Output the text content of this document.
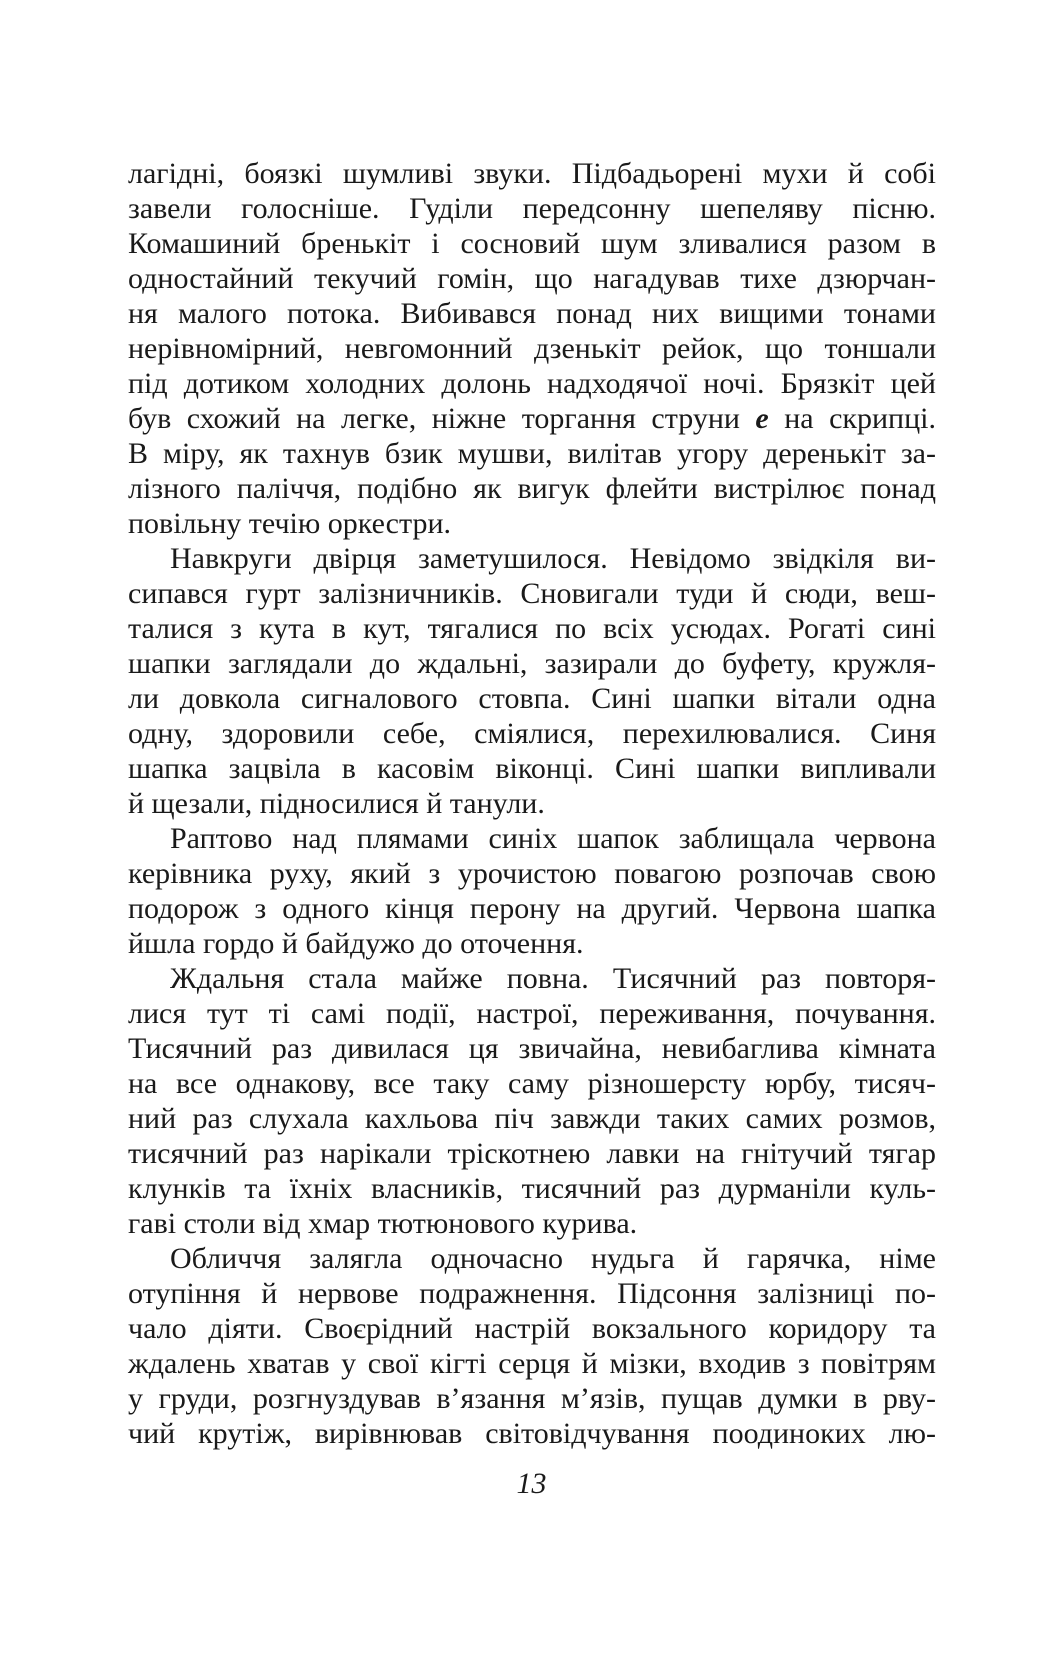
лагідні, боязкі шумливі звуки. Підбадьорені мухи й собі
завели голосніше. Гуділи передсонну шепеляву пісню.
Комашиний бренькіт і сосновий шум зливалися разом в
одностайний текучий гомін, що нагадував тихе дзюрчан-
ня малого потока. Вибивався понад них вищими тонами
нерівномірний, невгомонний дзенькіт рейок, що тоншали
під дотиком холодних долонь надходячої ночі. Брязкіт цей
був схожий на легке, ніжне торгання струни e на скрипці.
В міру, як тахнув бзик мушви, вилітав угору деренькіт за-
лізного паліччя, подібно як вигук флейти вистрілює понад
повільну течію оркестри.
Навкруги двірця заметушилося. Невідомо звідкіля ви-
сипався гурт залізничників. Сновигали туди й сюди, веш-
талися з кута в кут, тягалися по всіх усюдах. Рогаті сині
шапки заглядали до ждальні, зазирали до буфету, кружля-
ли довкола сигналового стовпа. Сині шапки вітали одна
одну, здоровили себе, сміялися, перехилювалися. Синя
шапка зацвіла в касовім віконці. Сині шапки випливали
й щезали, підносилися й танули.
Раптово над плямами синіх шапок заблищала червона
керівника руху, який з урочистою повагою розпочав свою
подорож з одного кінця перону на другий. Червона шапка
йшла гордо й байдужо до оточення.
Ждальня стала майже повна. Тисячний раз повторя-
лися тут ті самі події, настрої, переживання, почування.
Тисячний раз дивилася ця звичайна, невибаглива кімната
на все однакову, все таку саму різношерсту юрбу, тисяч-
ний раз слухала кахльова піч завжди таких самих розмов,
тисячний раз нарікали тріскотнею лавки на гнітучий тягар
клунків та їхніх власників, тисячний раз дурманіли куль-
гаві столи від хмар тютюнового курива.
Обличчя залягла одночасно нудьга й гарячка, німе
отупіння й нервове подражнення. Підсоння залізниці по-
чало діяти. Своєрідний настрій вокзального коридору та
ждалень хватав у свої кігті серця й мізки, входив з повітрям
у груди, розгнуздував в’язання м’язів, пущав думки в рву-
чий крутіж, вирівнював світовідчування поодиноких лю-
13
